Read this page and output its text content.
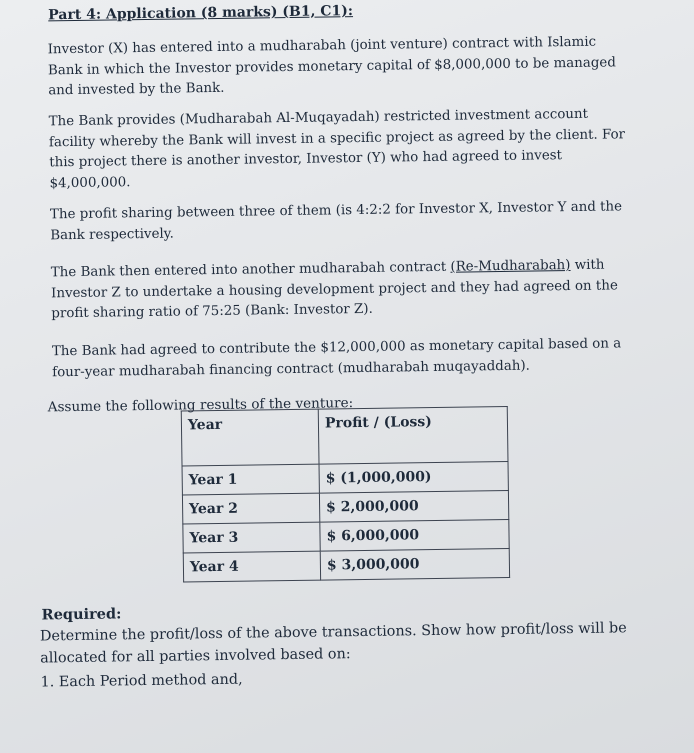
Part 4: Application (8 marks) (B1, C1):

Investor (X) has entered into a mudharabah (joint venture) contract with Islamic Bank in which the Investor provides monetary capital of $8,000,000 to be managed and invested by the Bank.

The Bank provides (Mudharabah Al-Muqayadah) restricted investment account facility whereby the Bank will invest in a specific project as agreed by the client. For this project there is another investor, Investor (Y) who had agreed to invest $4,000,000.

The profit sharing between three of them (is 4:2:2 for Investor X, Investor Y and the Bank respectively.

The Bank then entered into another mudharabah contract (Re-Mudharabah) with Investor Z to undertake a housing development project and they had agreed on the profit sharing ratio of 75:25 (Bank: Investor Z).

The Bank had agreed to contribute the $12,000,000 as monetary capital based on a four-year mudharabah financing contract (mudharabah muqayaddah).

Assume the following results of the venture:
Year	Profit / (Loss)
Year 1	$ (1,000,000)
Year 2	$ 2,000,000
Year 3	$ 6,000,000
Year 4	$ 3,000,000
Required:

Determine the profit/loss of the above transactions. Show how profit/loss will be allocated for all parties involved based on:

1. Each Period method and,
